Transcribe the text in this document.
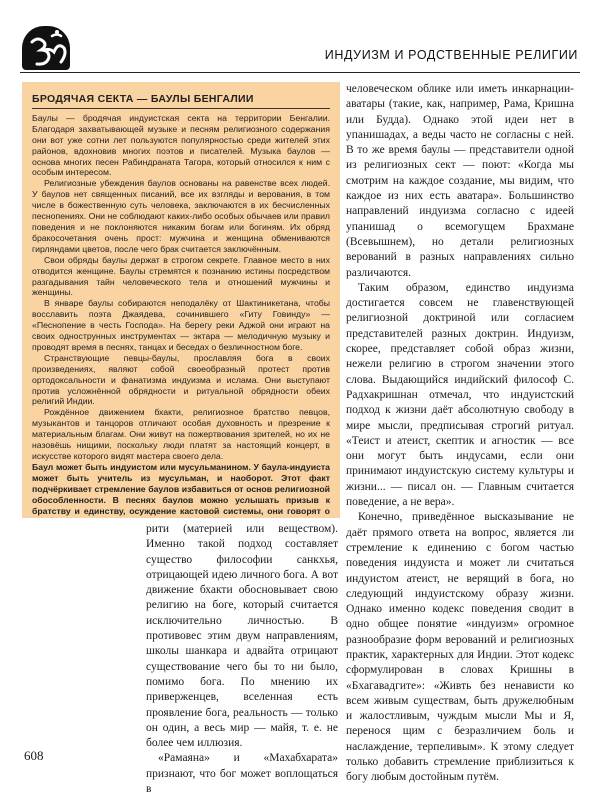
ИНДУИЗМ И РОДСТВЕННЫЕ РЕЛИГИИ
БРОДЯЧАЯ СЕКТА — БАУЛЫ БЕНГАЛИИ

Баулы — бродячая индуистская секта на территории Бенгалии. Благодаря захватывающей музыке и песням религиозного содержания они вот уже сотни лет пользуются популярностью среди жителей этих районов, вдохновив многих поэтов и писателей. Музыка баулов — основа многих песен Рабиндраната Тагора, который относился к ним с особым интересом.

Религиозные убеждения баулов основаны на равенстве всех людей. У баулов нет священных писаний, все их взгляды и верования, в том числе в божественную суть человека, заключаются в их бесчисленных песнопениях. Они не соблюдают каких-либо особых обычаев или правил поведения и не поклоняются никаким богам или богиням. Их обряд бракосочетания очень прост: мужчина и женщина обмениваются гирляндами цветов, после чего брак считается заключённым.

Свои обряды баулы держат в строгом секрете. Главное место в них отводится женщине. Баулы стремятся к познанию истины посредством разгадывания тайн человеческого тела и отношений мужчины и женщины.

В январе баулы собираются неподалёку от Шактиникетана, чтобы восславить поэта Джаядева, сочинившего «Гиту Говинду» — «Песнопение в честь Господа». На берегу реки Аджой они играют на своих однострунных инструментах — эктара — мелодичную музыку и проводят время в песнях, танцах и беседах о безличностном боге.

Странствующие певцы-баулы, прославляя бога в своих произведениях, являют собой своеобразный протест против ортодоксальности и фанатизма индуизма и ислама. Они выступают против усложнённой обрядности и ритуальной обрядности обеих религий Индии.

Рождённое движением бхакти, религиозное братство певцов, музыкантов и танцоров отличают особая духовность и презрение к материальным благам. Они живут на пожертвования зрителей, но их не назовёшь нищими, поскольку люди платят за настоящий концерт, в искусстве которого видят мастера своего дела.

Баул может быть индуистом или мусульманином. У баула-индуиста может быть учитель из мусульман, и наоборот. Этот факт подчёркивает стремление баулов избавиться от основ религиозной обособленности. В песнях баулов можно услышать призыв к братству и единству, осуждение кастовой системы, они говорят о

человеческом облике или иметь инкарнации-аватары (такие, как, например, Рама, Кришна или Будда). Однако этой идеи нет в упанишадах, а веды часто не согласны с ней. В то же время баулы — представители одной из религиозных сект — поют: «Когда мы смотрим на каждое создание, мы видим, что каждое из них есть аватара». Большинство направлений индуизма согласно с идеей упанишад о всемогущем Брахмане (Всевышнем), но детали религиозных верований в разных направлениях сильно различаются.

Таким образом, единство индуизма достигается совсем не главенствующей религиозной доктриной или согласием представителей разных доктрин. Индуизм, скорее, представляет собой образ жизни, нежели религию в строгом значении этого слова. Выдающийся индийский философ С. Радхакришнан отмечал, что индуистский подход к жизни даёт абсолютную свободу в мире мысли, предписывая строгий ритуал. «Теист и атеист, скептик и агностик — все они могут быть индусами, если они принимают индуистскую систему культуры и жизни... — писал он. — Главным считается поведение, а не вера».

Конечно, приведённое высказывание не даёт прямого ответа на вопрос, является ли стремление к единению с богом частью поведения индуиста и может ли считаться индуистом атеист, не верящий в бога, но следующий индуистскому образу жизни. Однако именно кодекс поведения сводит в одно общее понятие «индуизм» огромное разнообразие форм верований и религиозных практик, характерных для Индии. Этот кодекс сформулирован в словах Кришны в «Бхагавадгите»: «Живть без ненависти ко всем живым существам, быть дружелюбным и жалостливым, чуждым мысли Мы и Я, перенося щим с безразличием боль и наслаждение, терпеливым». К этому следует только добавить стремление приблизиться к богу любым достойным путём.

рити (материей или веществом). Именно такой подход составляет существо философии санкхья, отрицающей идею личного бога. А вот движение бхакти обосновывает свою религию на боге, который считается исключительно личностью. В противовес этим двум направлениям, школы шанкара и адвайта отрицают существование чего бы то ни было, помимо бога. По мнению их приверженцев, вселенная есть проявление бога, реальность — только он один, а весь мир — майя, т. е. не более чем иллюзия.

«Рамаяна» и «Махабхарата» признают, что бог может воплощаться в

608
